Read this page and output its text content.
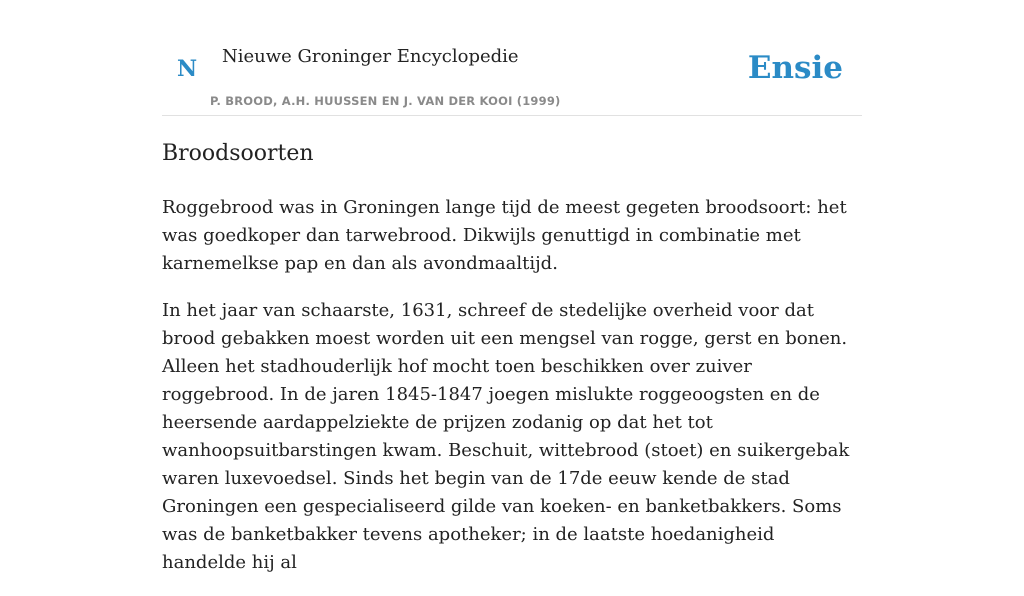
N Nieuwe Groninger Encyclopedie
P. BROOD, A.H. HUUSSEN EN J. VAN DER KOOI (1999)
Ensie
Broodsoorten

Roggebrood was in Groningen lange tijd de meest gegeten broodsoort: het was goedkoper dan tarwebrood. Dikwijls genuttigd in combinatie met karnemelkse pap en dan als avondmaaltijd.

In het jaar van schaarste, 1631, schreef de stedelijke overheid voor dat brood gebakken moest worden uit een mengsel van rogge, gerst en bonen. Alleen het stadhouderlijk hof mocht toen beschikken over zuiver roggebrood. In de jaren 1845-1847 joegen mislukte roggeoogsten en de heersende aardappelziekte de prijzen zodanig op dat het tot wanhoopsuitbarstingen kwam. Beschuit, wittebrood (stoet) en suikergebak waren luxevoedsel. Sinds het begin van de 17de eeuw kende de stad Groningen een gespecialiseerd gilde van koeken- en banketbakkers. Soms was de banketbakker tevens apotheker; in de laatste hoedanigheid handelde hij al
